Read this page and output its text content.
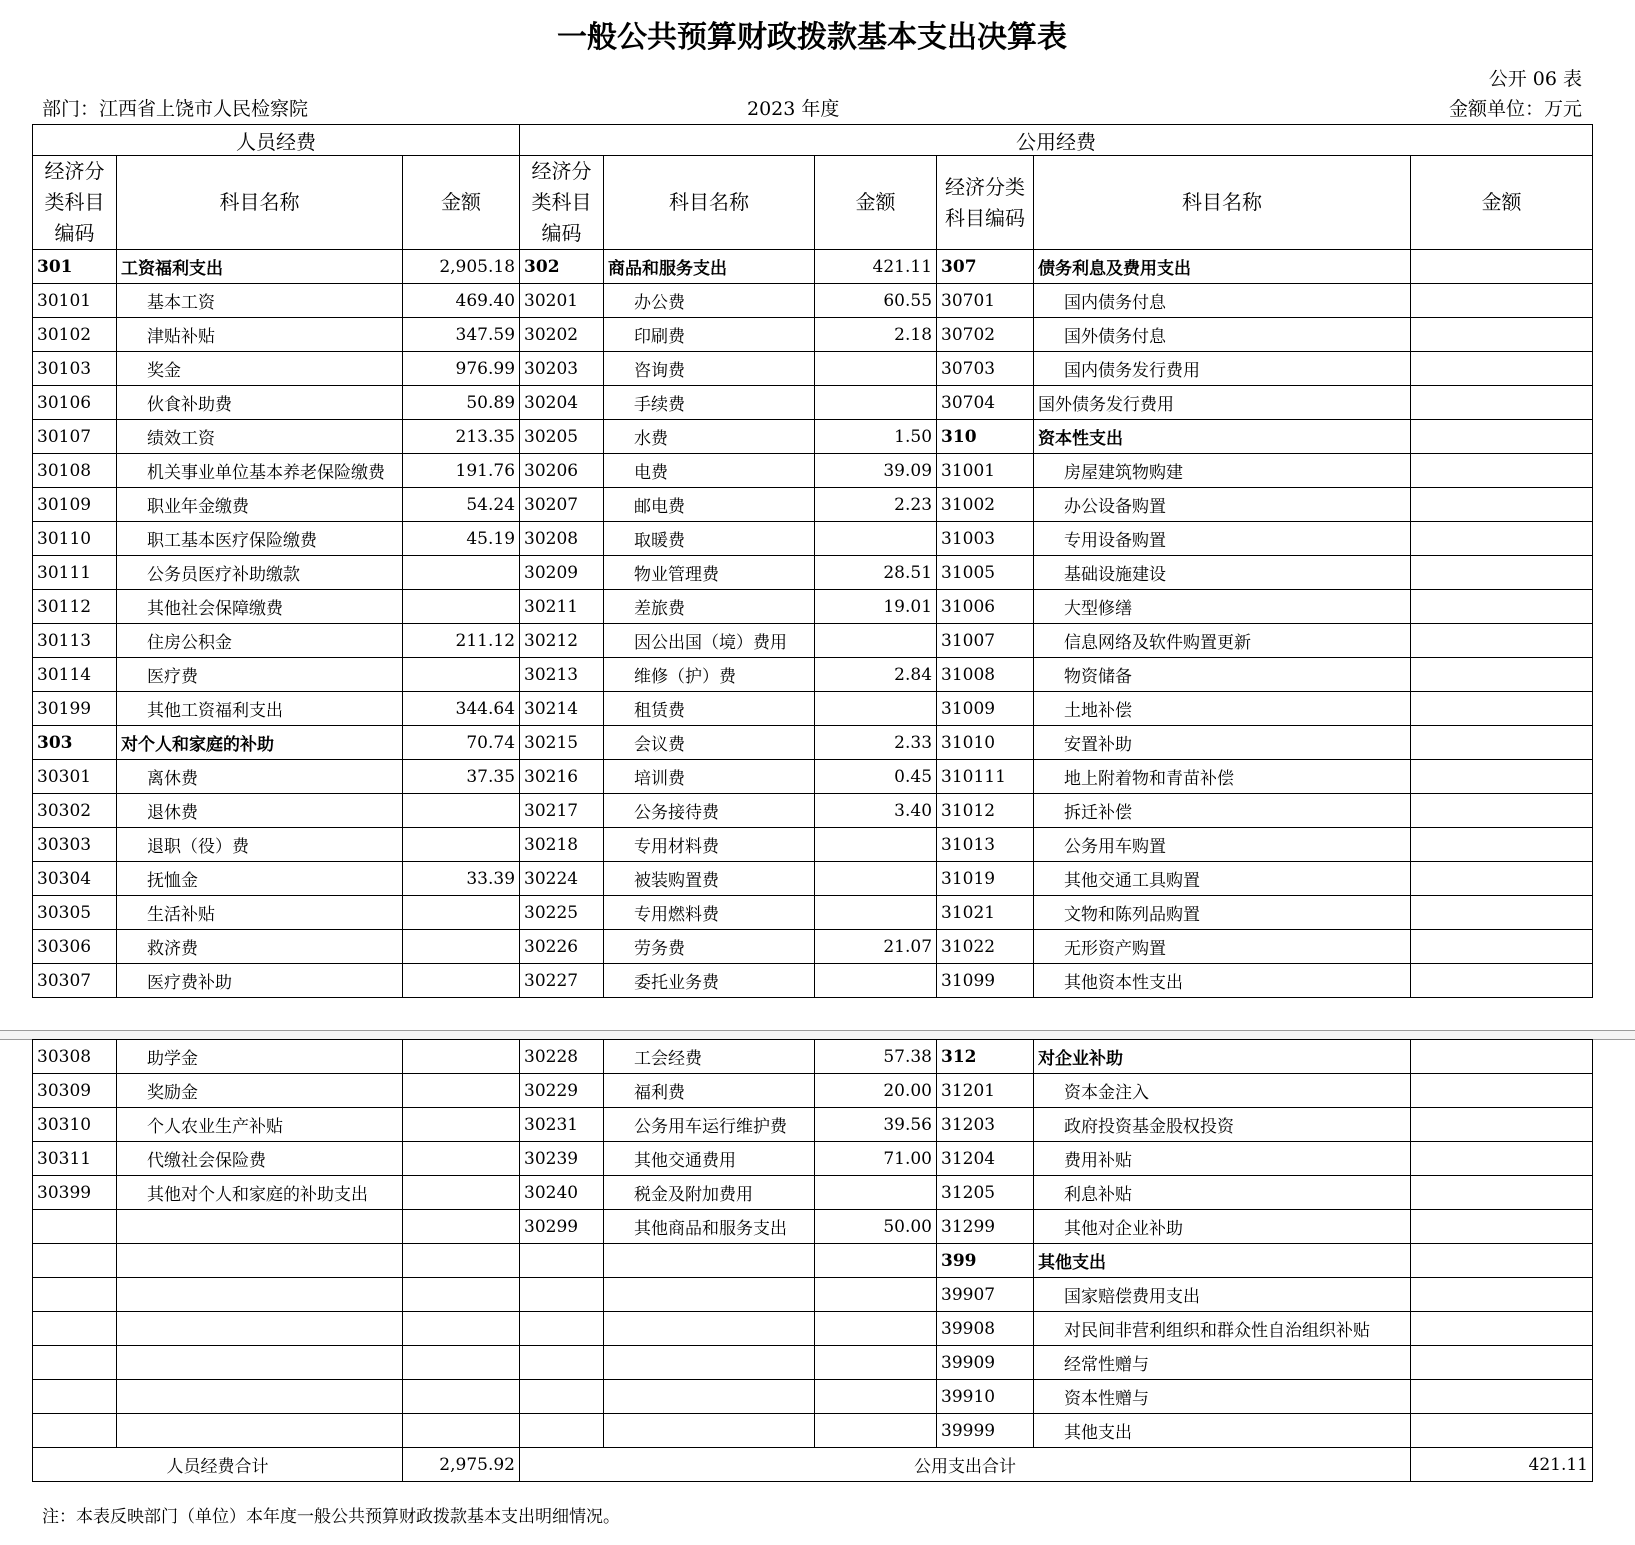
一般公共预算财政拨款基本支出决算表
公开 06 表
部门：江西省上饶市人民检察院	2023 年度	金额单位：万元
人员经费			公用经费					
经济分类科目编码	科目名称	金额	经济分类科目编码	科目名称	金额	经济分类科目编码	科目名称	金额
301	工资福利支出	2,905.18	302	商品和服务支出	421.11	307	债务利息及费用支出	
30101	基本工资	469.40	30201	办公费	60.55	30701	国内债务付息	
30102	津贴补贴	347.59	30202	印刷费	2.18	30702	国外债务付息	
30103	奖金	976.99	30203	咨询费		30703	国内债务发行费用	
30106	伙食补助费	50.89	30204	手续费		30704	国外债务发行费用	
30107	绩效工资	213.35	30205	水费	1.50	310	资本性支出	
30108	机关事业单位基本养老保险缴费	191.76	30206	电费	39.09	31001	房屋建筑物购建	
30109	职业年金缴费	54.24	30207	邮电费	2.23	31002	办公设备购置	
30110	职工基本医疗保险缴费	45.19	30208	取暖费		31003	专用设备购置	
30111	公务员医疗补助缴款		30209	物业管理费	28.51	31005	基础设施建设	
30112	其他社会保障缴费		30211	差旅费	19.01	31006	大型修缮	
30113	住房公积金	211.12	30212	因公出国（境）费用		31007	信息网络及软件购置更新	
30114	医疗费		30213	维修（护）费	2.84	31008	物资储备	
30199	其他工资福利支出	344.64	30214	租赁费		31009	土地补偿	
303	对个人和家庭的补助	70.74	30215	会议费	2.33	31010	安置补助	
30301	离休费	37.35	30216	培训费	0.45	310111	地上附着物和青苗补偿	
30302	退休费		30217	公务接待费	3.40	31012	拆迁补偿	
30303	退职（役）费		30218	专用材料费		31013	公务用车购置	
30304	抚恤金	33.39	30224	被装购置费		31019	其他交通工具购置	
30305	生活补贴		30225	专用燃料费		31021	文物和陈列品购置	
30306	救济费		30226	劳务费	21.07	31022	无形资产购置	
30307	医疗费补助		30227	委托业务费		31099	其他资本性支出	
30308	助学金		30228	工会经费	57.38	312	对企业补助	
30309	奖励金		30229	福利费	20.00	31201	资本金注入	
30310	个人农业生产补贴		30231	公务用车运行维护费	39.56	31203	政府投资基金股权投资	
30311	代缴社会保险费		30239	其他交通费用	71.00	31204	费用补贴	
30399	其他对个人和家庭的补助支出		30240	税金及附加费用		31205	利息补贴	
			30299	其他商品和服务支出	50.00	31299	其他对企业补助	
						399	其他支出	
						39907	国家赔偿费用支出	
						39908	对民间非营利组织和群众性自治组织补贴	
						39909	经常性赠与	
						39910	资本性赠与	
						39999	其他支出	
人员经费合计		2,975.92	公用支出合计					421.11
注：本表反映部门（单位）本年度一般公共预算财政拨款基本支出明细情况。
